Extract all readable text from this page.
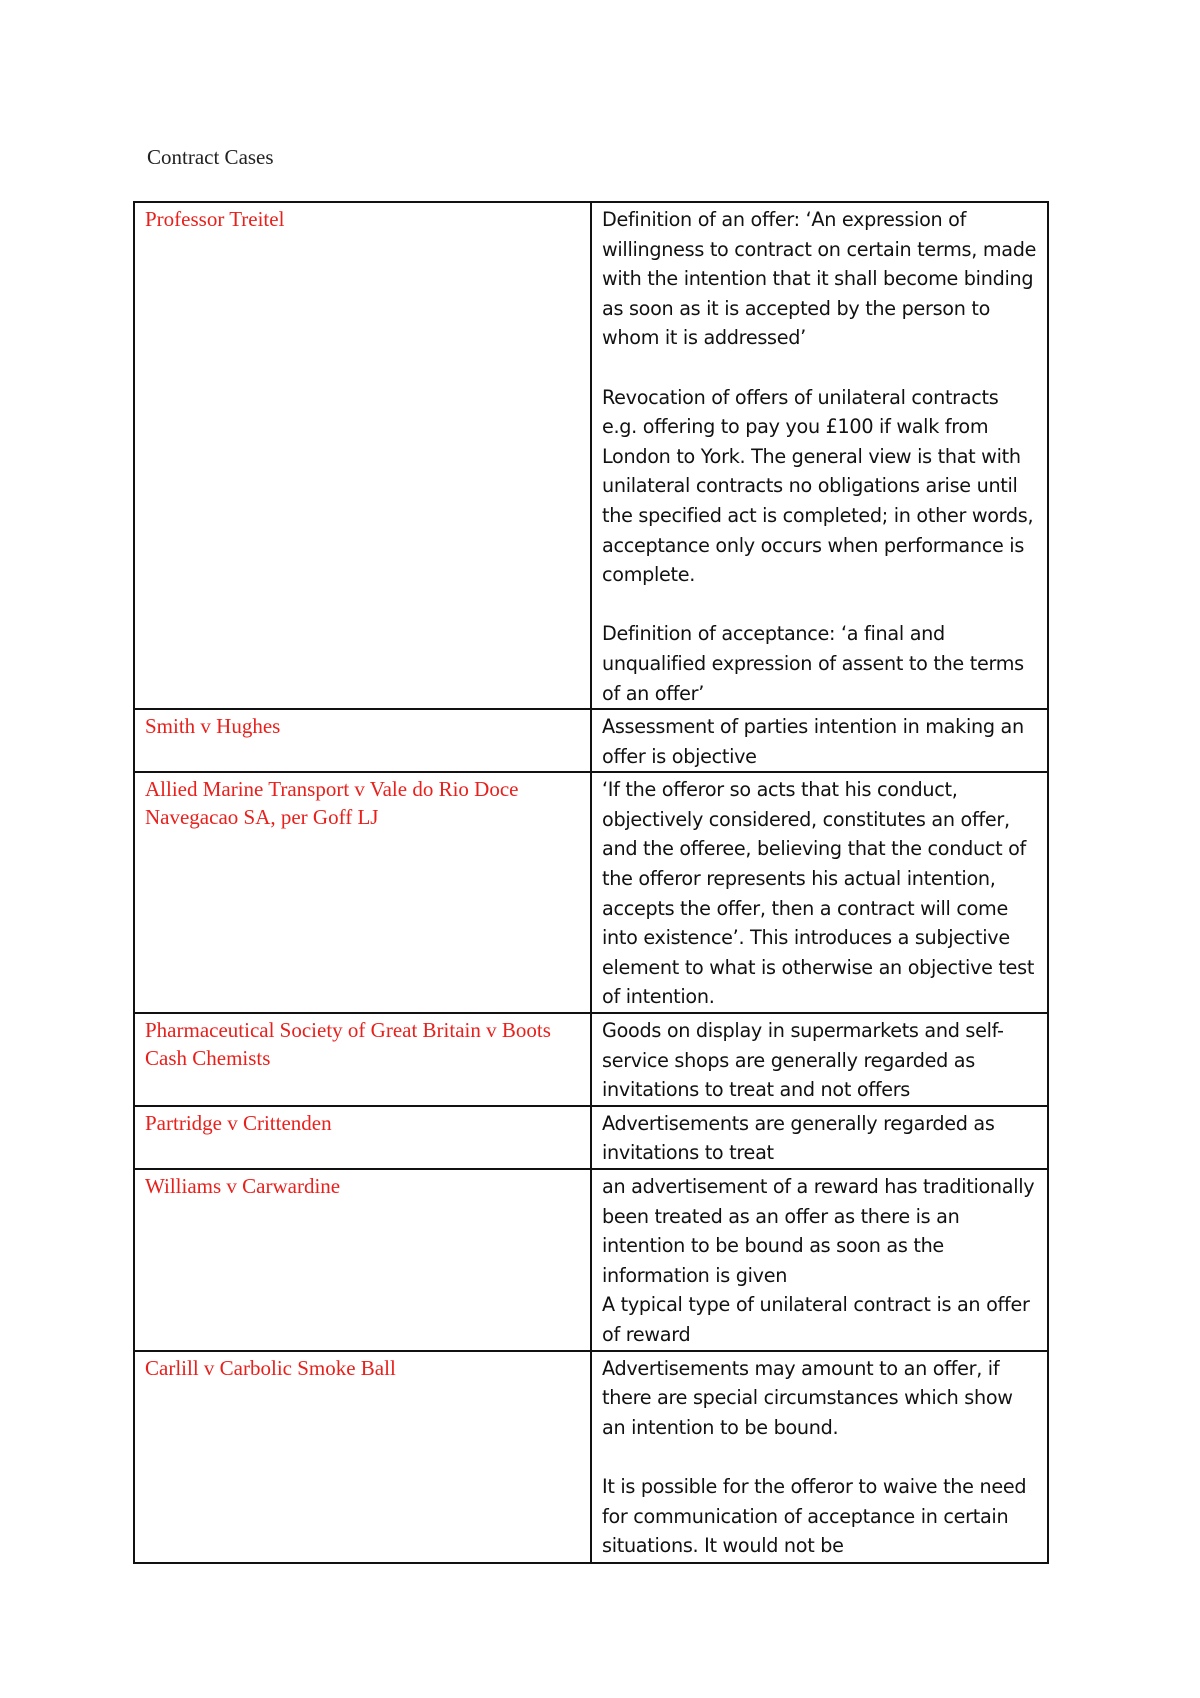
Contract Cases
Professor Treitel	Definition of an offer: ‘An expression of willingness to contract on certain terms, made with the intention that it shall become binding as soon as it is accepted by the person to whom it is addressed’

Revocation of offers of unilateral contracts e.g. offering to pay you £100 if walk from London to York. The general view is that with unilateral contracts no obligations arise until the specified act is completed; in other words, acceptance only occurs when performance is complete.

Definition of acceptance: ‘a final and unqualified expression of assent to the terms of an offer’

Smith v Hughes	Assessment of parties intention in making an offer is objective

Allied Marine Transport v Vale do Rio Doce Navegacao SA, per Goff LJ	‘If the offeror so acts that his conduct, objectively considered, constitutes an offer, and the offeree, believing that the conduct of the offeror represents his actual intention, accepts the offer, then a contract will come into existence’. This introduces a subjective element to what is otherwise an objective test of intention.

Pharmaceutical Society of Great Britain v Boots Cash Chemists	Goods on display in supermarkets and self-service shops are generally regarded as invitations to treat and not offers

Partridge v Crittenden	Advertisements are generally regarded as invitations to treat

Williams v Carwardine	an advertisement of a reward has traditionally been treated as an offer as there is an intention to be bound as soon as the information is given

A typical type of unilateral contract is an offer of reward

Carlill v Carbolic Smoke Ball	Advertisements may amount to an offer, if there are special circumstances which show an intention to be bound.

It is possible for the offeror to waive the need for communication of acceptance in certain situations. It would not be
